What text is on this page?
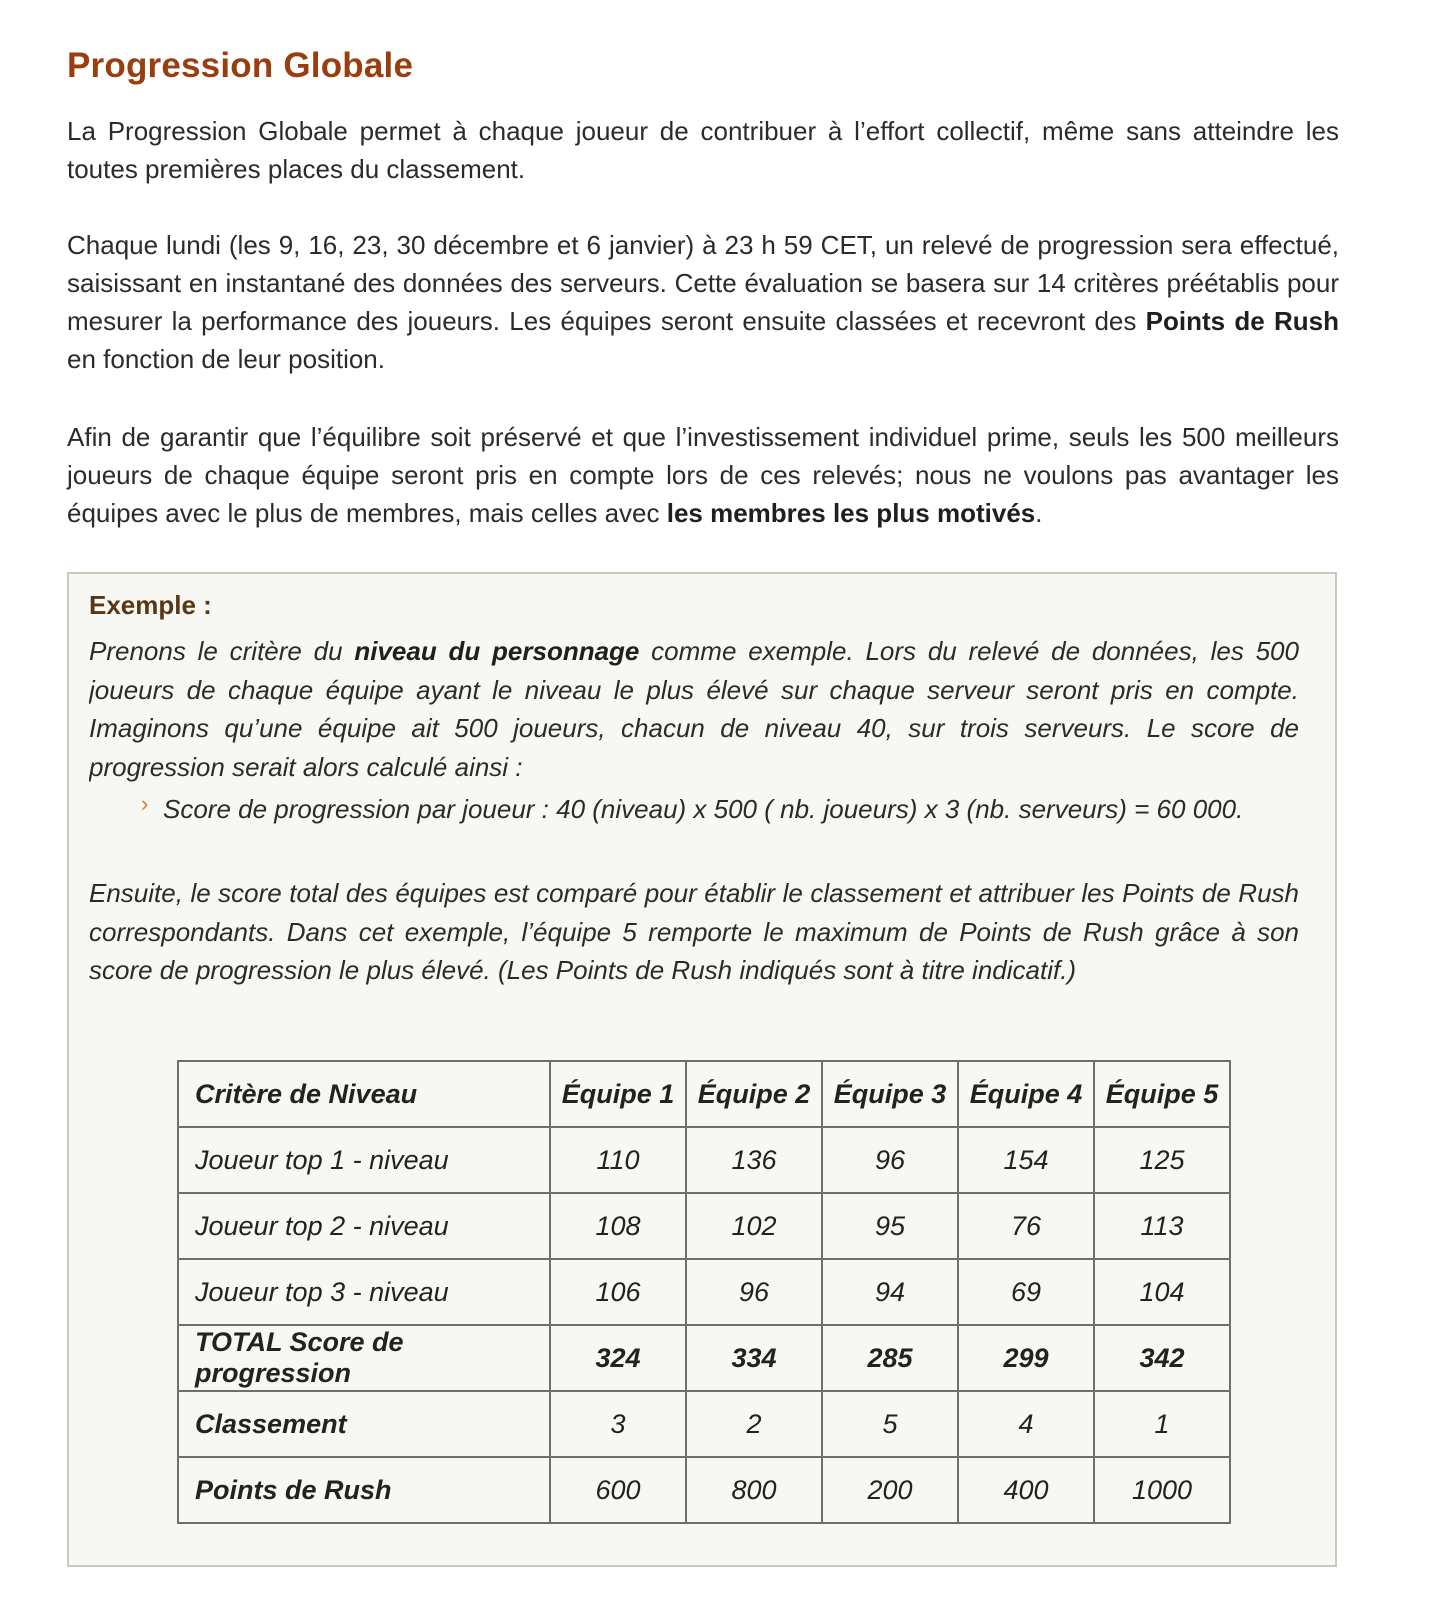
Progression Globale

La Progression Globale permet à chaque joueur de contribuer à l’effort collectif, même sans atteindre les toutes premières places du classement.

Chaque lundi (les 9, 16, 23, 30 décembre et 6 janvier) à 23 h 59 CET, un relevé de progression sera effectué, saisissant en instantané des données des serveurs. Cette évaluation se basera sur 14 critères préétablis pour mesurer la performance des joueurs. Les équipes seront ensuite classées et recevront des Points de Rush en fonction de leur position.

Afin de garantir que l’équilibre soit préservé et que l’investissement individuel prime, seuls les 500 meilleurs joueurs de chaque équipe seront pris en compte lors de ces relevés; nous ne voulons pas avantager les équipes avec le plus de membres, mais celles avec les membres les plus motivés.

Exemple :

Prenons le critère du niveau du personnage comme exemple. Lors du relevé de données, les 500 joueurs de chaque équipe ayant le niveau le plus élevé sur chaque serveur seront pris en compte. Imaginons qu’une équipe ait 500 joueurs, chacun de niveau 40, sur trois serveurs. Le score de progression serait alors calculé ainsi :

› Score de progression par joueur : 40 (niveau) x 500 ( nb. joueurs) x 3 (nb. serveurs) = 60 000.

Ensuite, le score total des équipes est comparé pour établir le classement et attribuer les Points de Rush correspondants. Dans cet exemple, l’équipe 5 remporte le maximum de Points de Rush grâce à son score de progression le plus élevé. (Les Points de Rush indiqués sont à titre indicatif.)

Critère de Niveau	Équipe 1	Équipe 2	Équipe 3	Équipe 4	Équipe 5
Joueur top 1 - niveau	110	136	96	154	125
Joueur top 2 - niveau	108	102	95	76	113
Joueur top 3 - niveau	106	96	94	69	104
TOTAL Score de progression	324	334	285	299	342
Classement	3	2	5	4	1
Points de Rush	600	800	200	400	1000
